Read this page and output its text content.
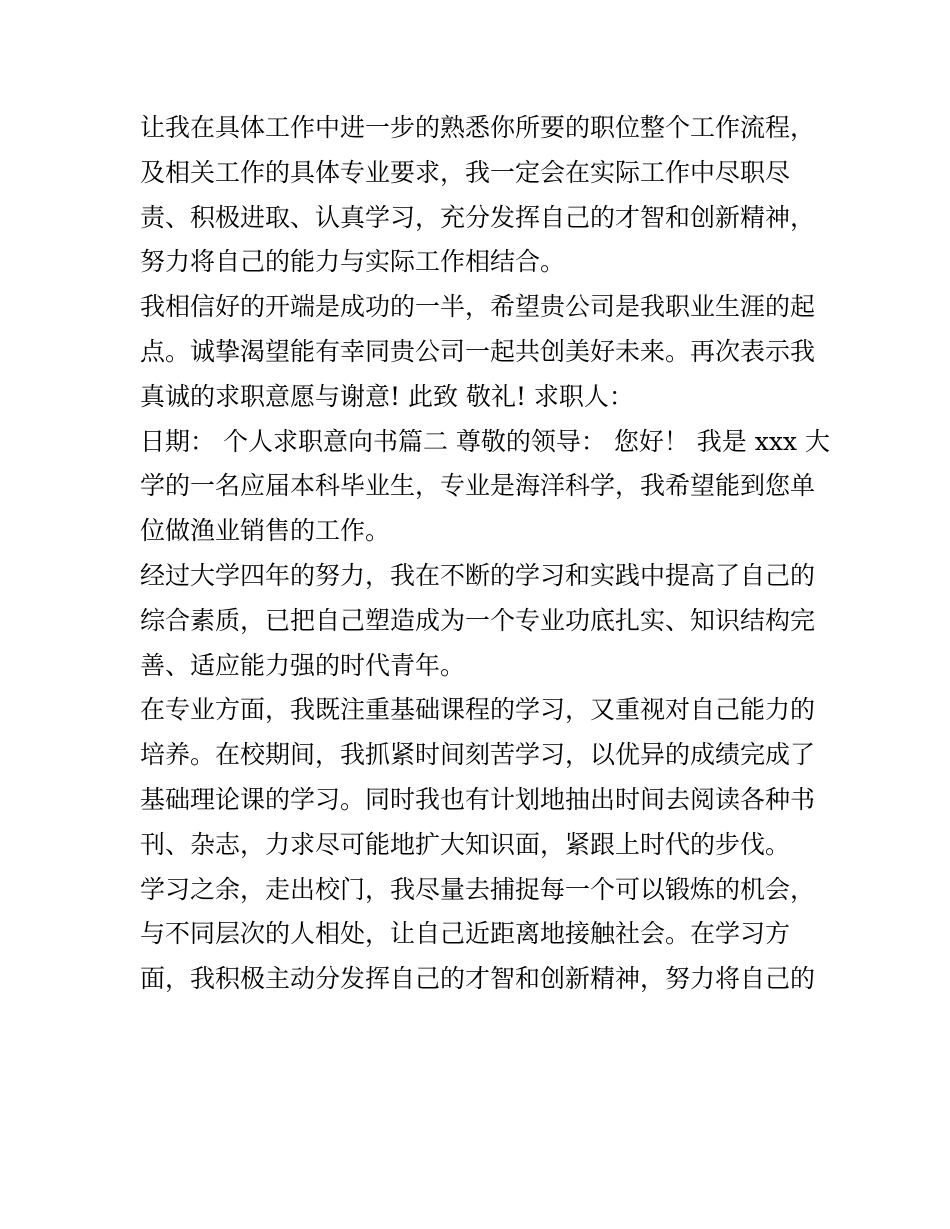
让我在具体工作中进一步的熟悉你所要的职位整个工作流程，
及相关工作的具体专业要求，我一定会在实际工作中尽职尽
责、积极进取、认真学习，充分发挥自己的才智和创新精神，
努力将自己的能力与实际工作相结合。
我相信好的开端是成功的一半，希望贵公司是我职业生涯的起
点。诚挚渴望能有幸同贵公司一起共创美好未来。再次表示我
真诚的求职意愿与谢意! 此致 敬礼! 求职人：
日期： 个人求职意向书篇二 尊敬的领导： 您好！ 我是 xxx 大
学的一名应届本科毕业生，专业是海洋科学，我希望能到您单
位做渔业销售的工作。
经过大学四年的努力，我在不断的学习和实践中提高了自己的
综合素质，已把自己塑造成为一个专业功底扎实、知识结构完
善、适应能力强的时代青年。
在专业方面，我既注重基础课程的学习，又重视对自己能力的
培养。在校期间，我抓紧时间刻苦学习，以优异的成绩完成了
基础理论课的学习。同时我也有计划地抽出时间去阅读各种书
刊、杂志，力求尽可能地扩大知识面，紧跟上时代的步伐。
学习之余，走出校门，我尽量去捕捉每一个可以锻炼的机会，
与不同层次的人相处，让自己近距离地接触社会。在学习方
面，我积极主动分发挥自己的才智和创新精神，努力将自己的
